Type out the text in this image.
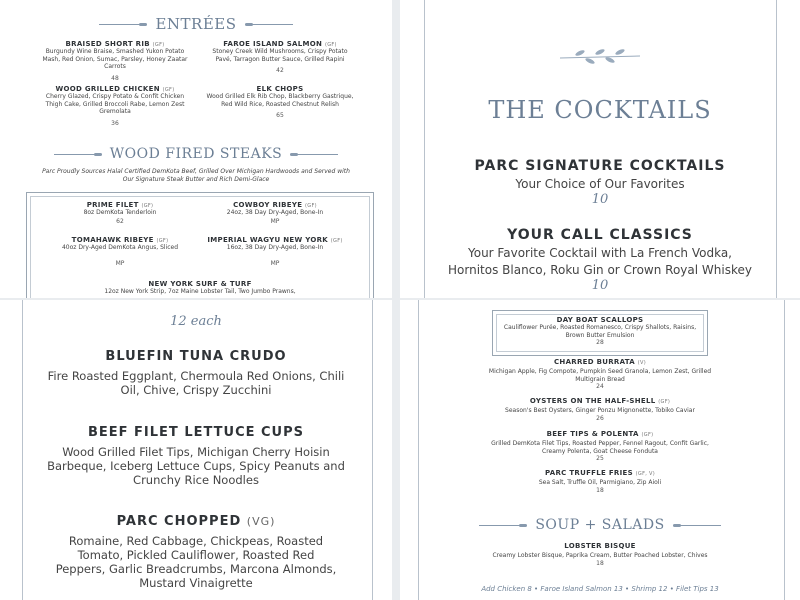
ENTRÉES
BRAISED SHORT RIB (GF)
Burgundy Wine Braise, Smashed Yukon Potato Mash, Red Onion, Sumac, Parsley, Honey Zaatar Carrots
48
FAROE ISLAND SALMON (GF)
Stoney Creek Wild Mushrooms, Crispy Potato Pavé, Tarragon Butter Sauce, Grilled Rapini
42
WOOD GRILLED CHICKEN (GF)
Cherry Glazed, Crispy Potato & Confit Chicken Thigh Cake, Grilled Broccoli Rabe, Lemon Zest Gremolata
36
ELK CHOPS
Wood Grilled Elk Rib Chop, Blackberry Gastrique, Red Wild Rice, Roasted Chestnut Relish
65
WOOD FIRED STEAKS
Parc Proudly Sources Halal Certified DemKota Beef, Grilled Over Michigan Hardwoods and Served with Our Signature Steak Butter and Rich Demi-Glace
PRIME FILET (GF)
8oz DemKota Tenderloin
62
COWBOY RIBEYE (GF)
24oz, 38 Day Dry-Aged, Bone-In
MP
TOMAHAWK RIBEYE (GF)
40oz Dry-Aged DemKota Angus, Sliced
MP
IMPERIAL WAGYU NEW YORK (GF)
16oz, 38 Day Dry-Aged, Bone-In
MP
NEW YORK SURF & TURF
12oz New York Strip, 7oz Maine Lobster Tail, Two Jumbo Prawns,
THE COCKTAILS
PARC SIGNATURE COCKTAILS
Your Choice of Our Favorites
10
YOUR CALL CLASSICS
Your Favorite Cocktail with La French Vodka,
Hornitos Blanco, Roku Gin or Crown Royal Whiskey
10
12 each
BLUEFIN TUNA CRUDO
Fire Roasted Eggplant, Chermoula Red Onions, Chili Oil, Chive, Crispy Zucchini
BEEF FILET LETTUCE CUPS
Wood Grilled Filet Tips, Michigan Cherry Hoisin Barbeque, Iceberg Lettuce Cups, Spicy Peanuts and Crunchy Rice Noodles
PARC CHOPPED (VG)
Romaine, Red Cabbage, Chickpeas, Roasted Tomato, Pickled Cauliflower, Roasted Red Peppers, Garlic Breadcrumbs, Marcona Almonds, Mustard Vinaigrette
DAY BOAT SCALLOPS
Cauliflower Purée, Roasted Romanesco, Crispy Shallots, Raisins, Brown Butter Emulsion
28
CHARRED BURRATA (V)
Michigan Apple, Fig Compote, Pumpkin Seed Granola, Lemon Zest, Grilled Multigrain Bread
24
OYSTERS ON THE HALF-SHELL (GF)
Season's Best Oysters, Ginger Ponzu Mignonette, Tobiko Caviar
26
BEEF TIPS & POLENTA (GF)
Grilled DemKota Filet Tips, Roasted Pepper, Fennel Ragout, Confit Garlic, Creamy Polenta, Goat Cheese Fonduta
25
PARC TRUFFLE FRIES (GF, V)
Sea Salt, Truffle Oil, Parmigiano, Zip Aioli
18
SOUP + SALADS
LOBSTER BISQUE
Creamy Lobster Bisque, Paprika Cream, Butter Poached Lobster, Chives
18
Add Chicken 8 • Faroe Island Salmon 13 • Shrimp 12 • Filet Tips 13
